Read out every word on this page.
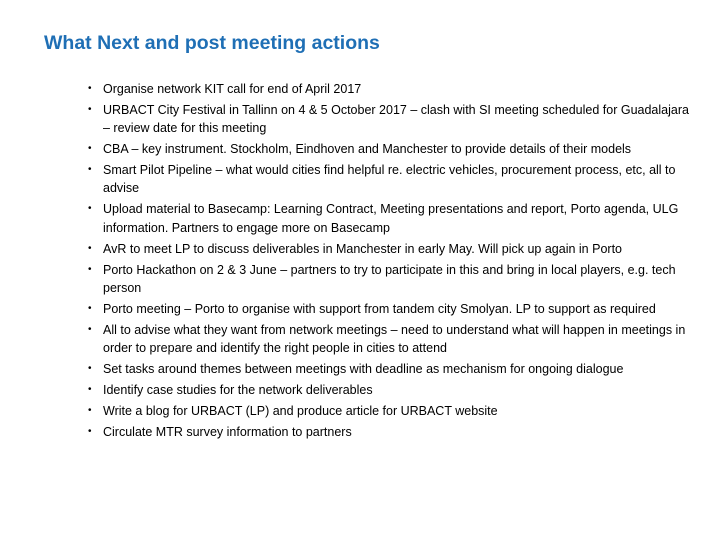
What Next and post meeting actions
• Organise network KIT call for end of April 2017
• URBACT City Festival in Tallinn on 4 & 5 October 2017 – clash with SI meeting scheduled for Guadalajara – review date for this meeting
• CBA – key instrument. Stockholm, Eindhoven and Manchester to provide details of their models
• Smart Pilot Pipeline – what would cities find helpful re. electric vehicles, procurement process, etc, all to advise
• Upload material to Basecamp: Learning Contract, Meeting presentations and report, Porto agenda, ULG information. Partners to engage more on Basecamp
• AvR to meet LP to discuss deliverables in Manchester in early May. Will pick up again in Porto
• Porto Hackathon on 2 & 3 June – partners to try to participate in this and bring in local players, e.g. tech person
• Porto meeting – Porto to organise with support from tandem city Smolyan. LP to support as required
• All to advise what they want from network meetings – need to understand what will happen in meetings in order to prepare and identify the right people in cities to attend
• Set tasks around themes between meetings with deadline as mechanism for ongoing dialogue
• Identify case studies for the network deliverables
• Write a blog for URBACT (LP) and produce article for URBACT website
• Circulate MTR survey information to partners
